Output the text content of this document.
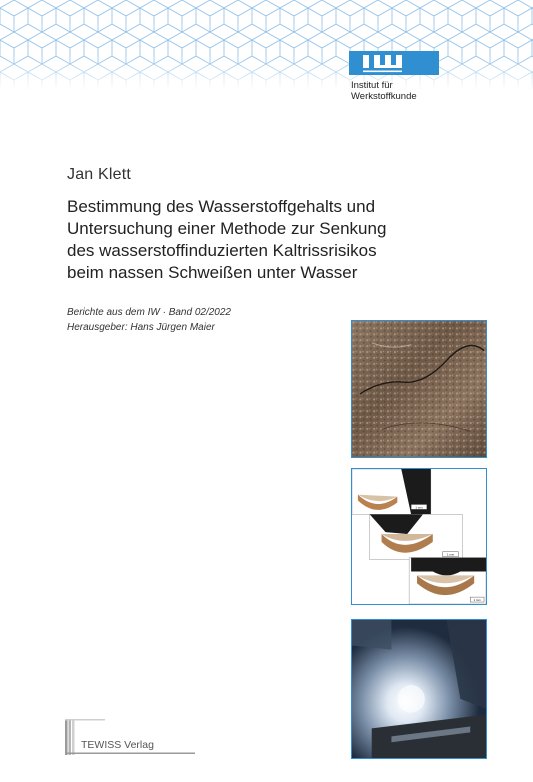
Institut für
Werkstoffkunde
Jan Klett
Bestimmung des Wasserstoffgehalts und
Untersuchung einer Methode zur Senkung
des wasserstoffinduzierten Kaltrissrisikos
beim nassen Schweißen unter Wasser
Berichte aus dem IW · Band 02/2022
Herausgeber: Hans Jürgen Maier
1 mm
1 mm
1 mm
TEWISS Verlag
